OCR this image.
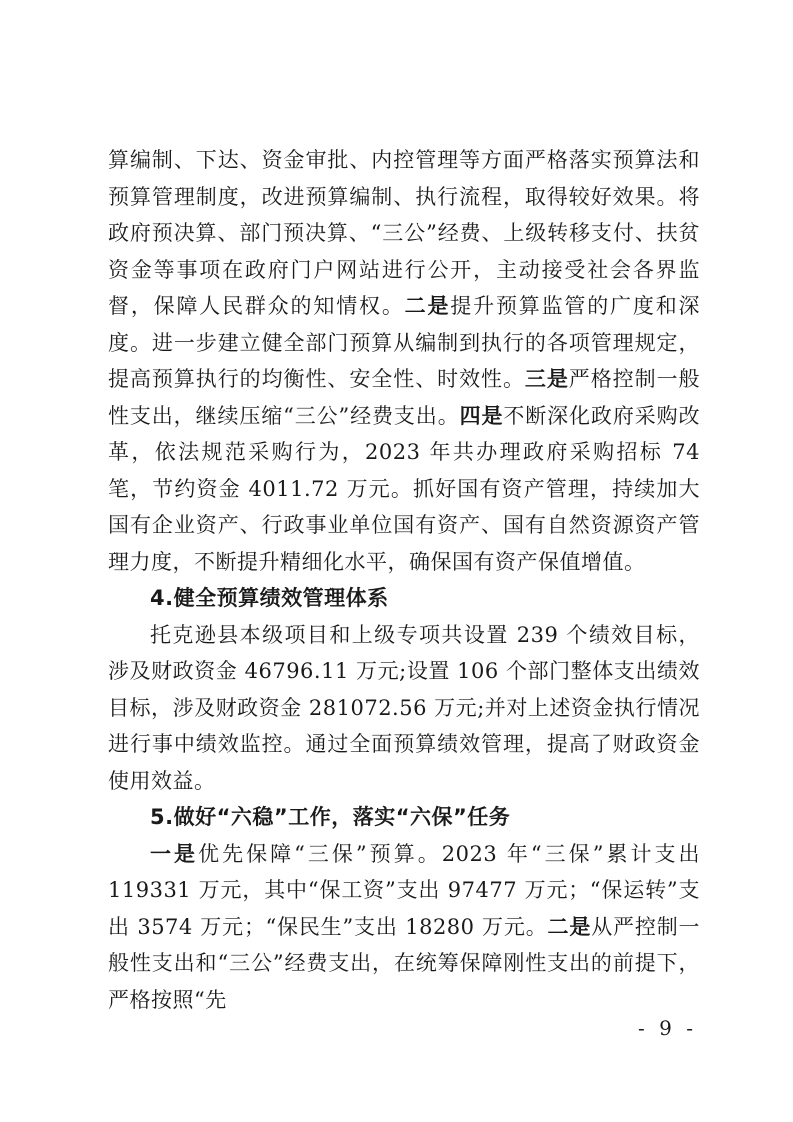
算编制、下达、资金审批、内控管理等方面严格落实预算法和预算管理制度，改进预算编制、执行流程，取得较好效果。将政府预决算、部门预决算、“三公”经费、上级转移支付、扶贫资金等事项在政府门户网站进行公开，主动接受社会各界监督，保障人民群众的知情权。二是提升预算监管的广度和深度。进一步建立健全部门预算从编制到执行的各项管理规定，提高预算执行的均衡性、安全性、时效性。三是严格控制一般性支出，继续压缩“三公”经费支出。四是不断深化政府采购改革，依法规范采购行为，2023 年共办理政府采购招标 74 笔，节约资金 4011.72 万元。抓好国有资产管理，持续加大国有企业资产、行政事业单位国有资产、国有自然资源资产管理力度，不断提升精细化水平，确保国有资产保值增值。

4.健全预算绩效管理体系

托克逊县本级项目和上级专项共设置 239 个绩效目标，涉及财政资金 46796.11 万元;设置 106 个部门整体支出绩效目标，涉及财政资金 281072.56 万元;并对上述资金执行情况进行事中绩效监控。通过全面预算绩效管理，提高了财政资金使用效益。

5.做好“六稳”工作，落实“六保”任务

一是优先保障“三保”预算。2023 年“三保”累计支出 119331 万元，其中“保工资”支出 97477 万元；“保运转”支出 3574 万元；“保民生”支出 18280 万元。二是从严控制一般性支出和“三公”经费支出，在统筹保障刚性支出的前提下，严格按照“先

- 9 -
